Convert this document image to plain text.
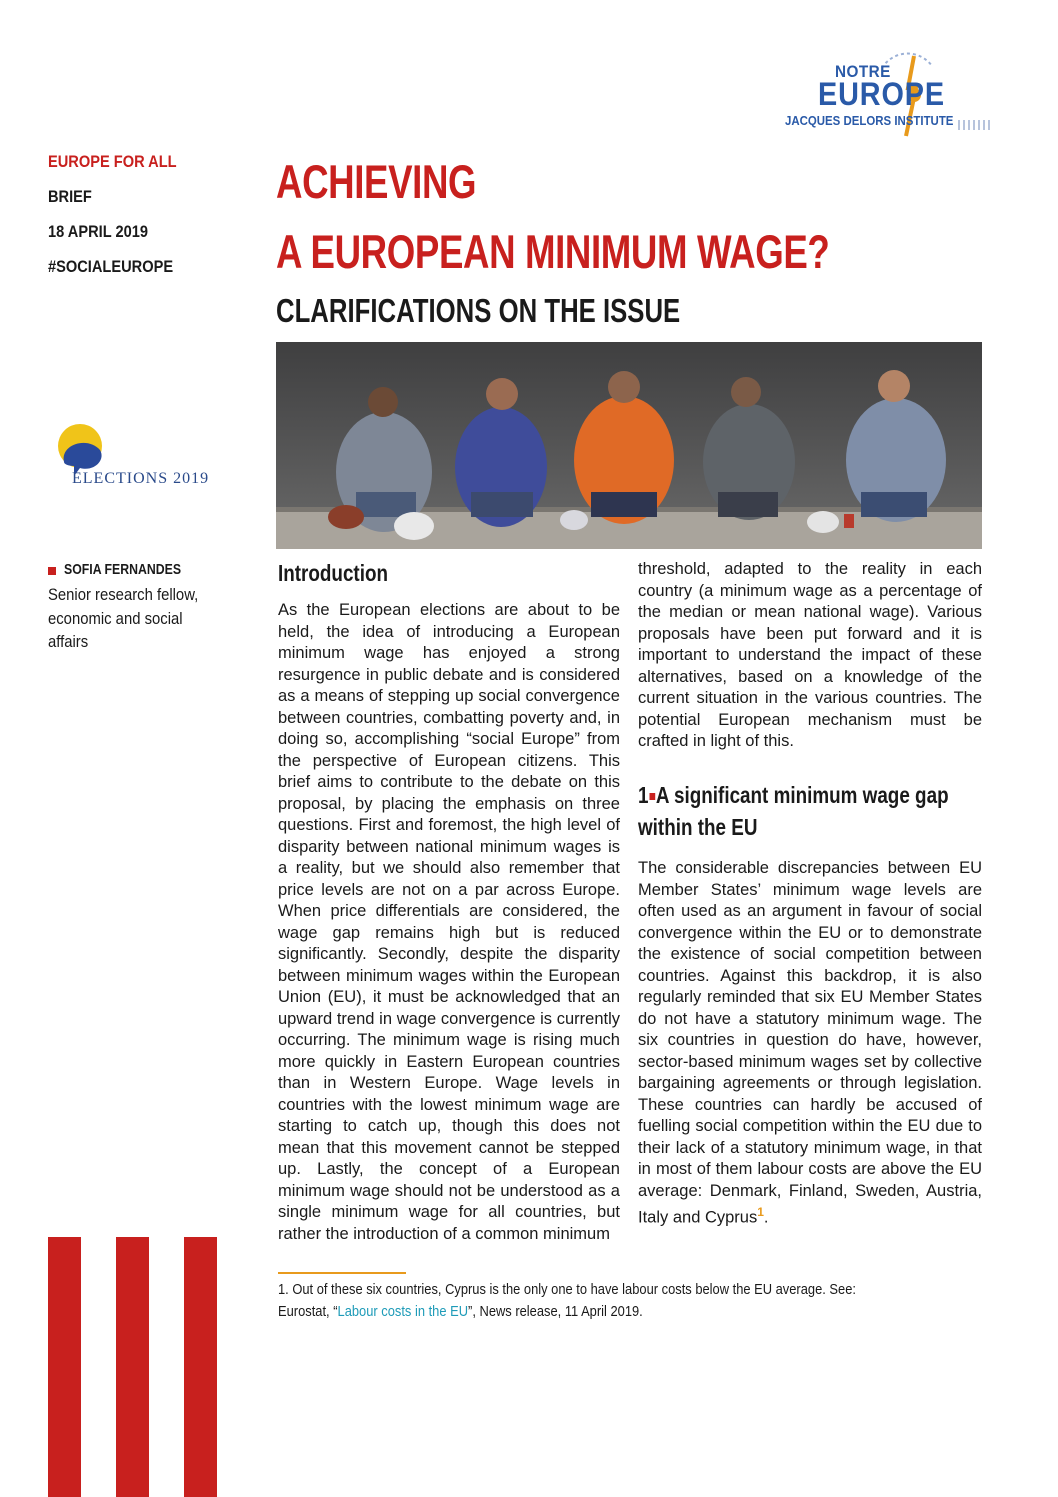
NOTRE
EUROPE
JACQUES DELORS INSTITUTE
EUROPE FOR ALL
BRIEF
18 APRIL 2019
#SOCIALEUROPE
ACHIEVING
A EUROPEAN MINIMUM WAGE?
CLARIFICATIONS ON THE ISSUE
ELECTIONS 2019
SOFIA FERNANDES
Senior research fellow, economic and social affairs
Introduction
As the European elections are about to be held, the idea of introducing a European minimum wage has enjoyed a strong resurgence in public debate and is considered as a means of stepping up social convergence between countries, combatting poverty and, in doing so, accomplishing “social Europe” from the perspective of European citizens. This brief aims to contribute to the debate on this proposal, by placing the emphasis on three questions. First and foremost, the high level of disparity between national minimum wages is a reality, but we should also remember that price levels are not on a par across Europe. When price differentials are considered, the wage gap remains high but is reduced significantly. Secondly, despite the disparity between minimum wages within the European Union (EU), it must be acknowledged that an upward trend in wage convergence is currently occurring. The minimum wage is rising much more quickly in Eastern European countries than in Western Europe. Wage levels in countries with the lowest minimum wage are starting to catch up, though this does not mean that this movement cannot be stepped up. Lastly, the concept of a European minimum wage should not be understood as a single minimum wage for all countries, but rather the introduction of a common minimum
threshold, adapted to the reality in each country (a minimum wage as a percentage of the median or mean national wage). Various proposals have been put forward and it is important to understand the impact of these alternatives, based on a knowledge of the current situation in the various countries. The potential European mechanism must be crafted in light of this.
1 A significant minimum wage gap
within the EU
The considerable discrepancies between EU Member States’ minimum wage levels are often used as an argument in favour of social convergence within the EU or to demonstrate the existence of social competition between countries. Against this backdrop, it is also regularly reminded that six EU Member States do not have a statutory minimum wage. The six countries in question do have, however, sector-based minimum wages set by collective bargaining agreements or through legislation. These countries can hardly be accused of fuelling social competition within the EU due to their lack of a statutory minimum wage, in that in most of them labour costs are above the EU average: Denmark, Finland, Sweden, Austria, Italy and Cyprus$^1$.
1. Out of these six countries, Cyprus is the only one to have labour costs below the EU average. See: Eurostat, “Labour costs in the EU”, News release, 11 April 2019.
